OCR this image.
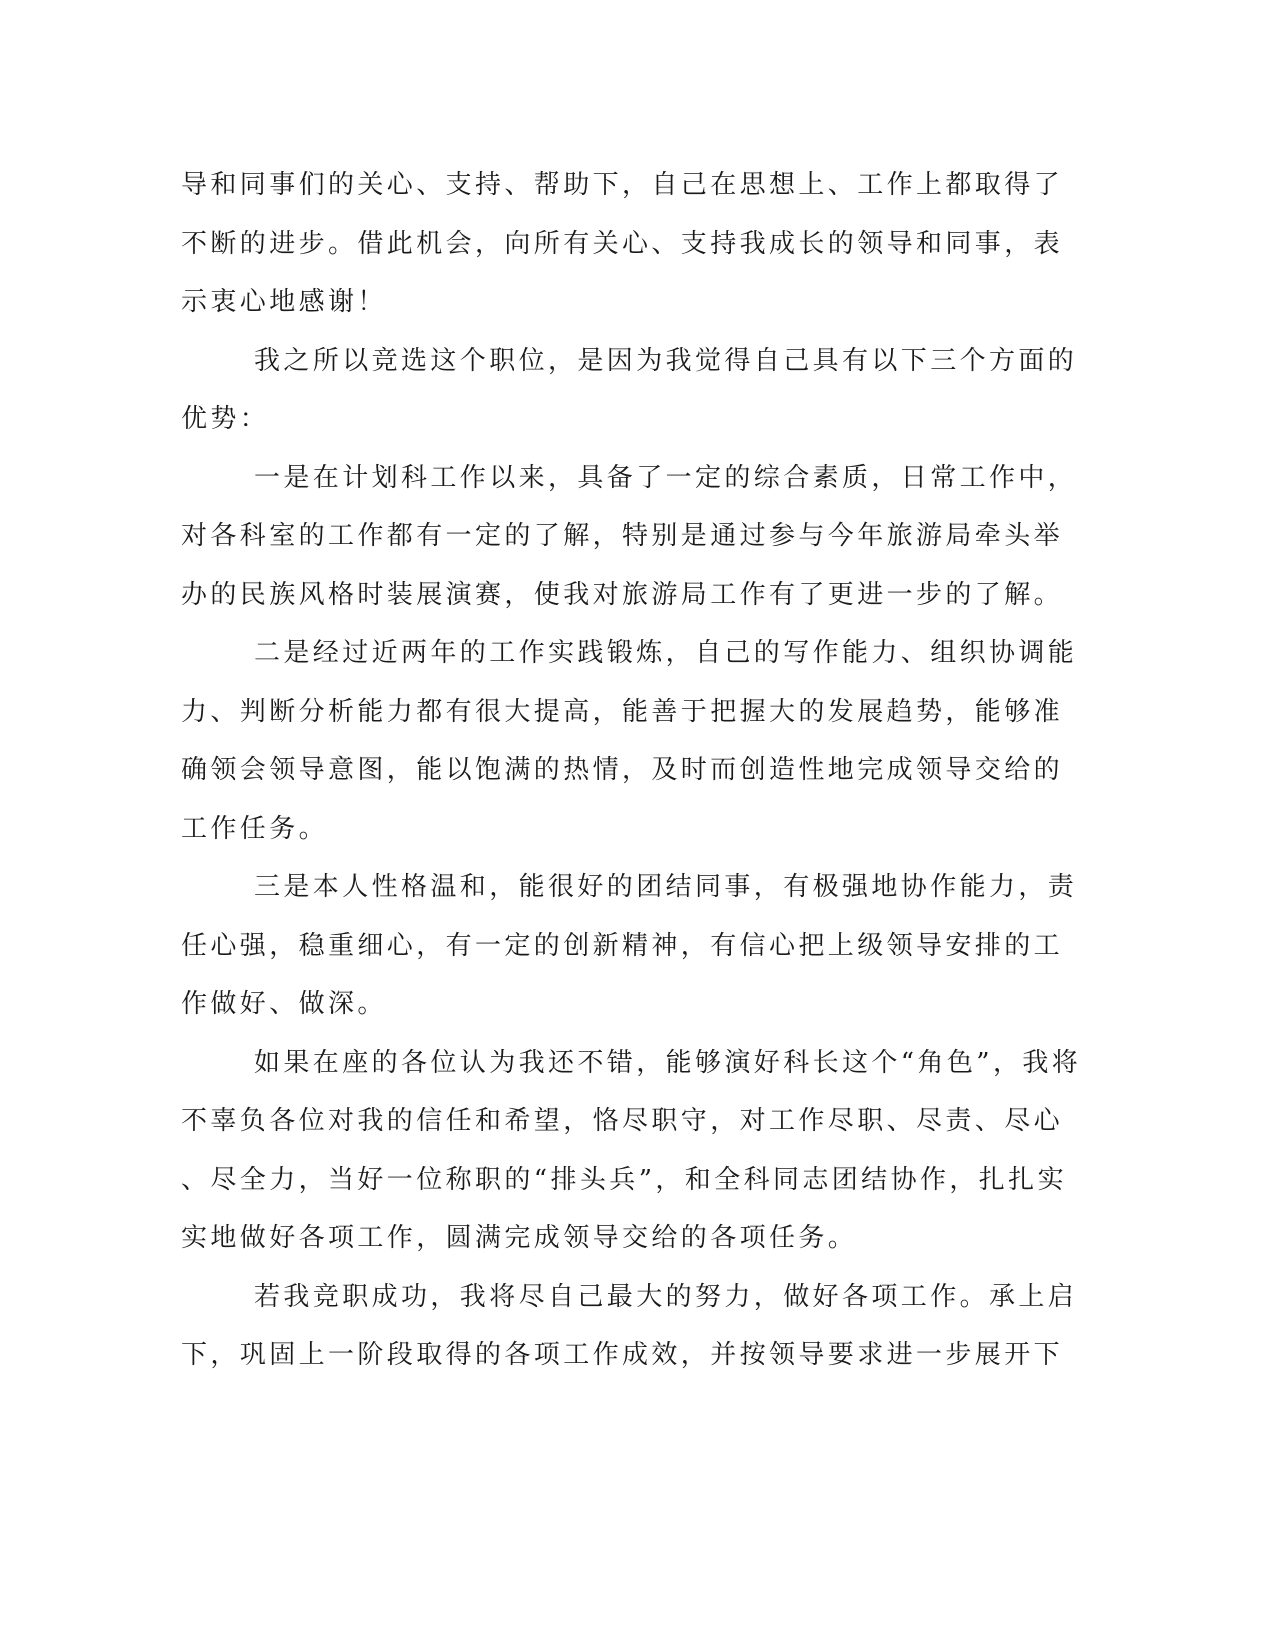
导和同事们的关心、支持、帮助下，自己在思想上、工作上都取得了
不断的进步。借此机会，向所有关心、支持我成长的领导和同事，表
示衷心地感谢！
我之所以竞选这个职位，是因为我觉得自己具有以下三个方面的
优势：
一是在计划科工作以来，具备了一定的综合素质，日常工作中，
对各科室的工作都有一定的了解，特别是通过参与今年旅游局牵头举
办的民族风格时装展演赛，使我对旅游局工作有了更进一步的了解。
二是经过近两年的工作实践锻炼，自己的写作能力、组织协调能
力、判断分析能力都有很大提高，能善于把握大的发展趋势，能够准
确领会领导意图，能以饱满的热情，及时而创造性地完成领导交给的
工作任务。
三是本人性格温和，能很好的团结同事，有极强地协作能力，责
任心强，稳重细心，有一定的创新精神，有信心把上级领导安排的工
作做好、做深。
如果在座的各位认为我还不错，能够演好科长这个“角色”，我将
不辜负各位对我的信任和希望，恪尽职守，对工作尽职、尽责、尽心
、尽全力，当好一位称职的“排头兵”，和全科同志团结协作，扎扎实
实地做好各项工作，圆满完成领导交给的各项任务。
若我竞职成功，我将尽自己最大的努力，做好各项工作。承上启
下，巩固上一阶段取得的各项工作成效，并按领导要求进一步展开下
